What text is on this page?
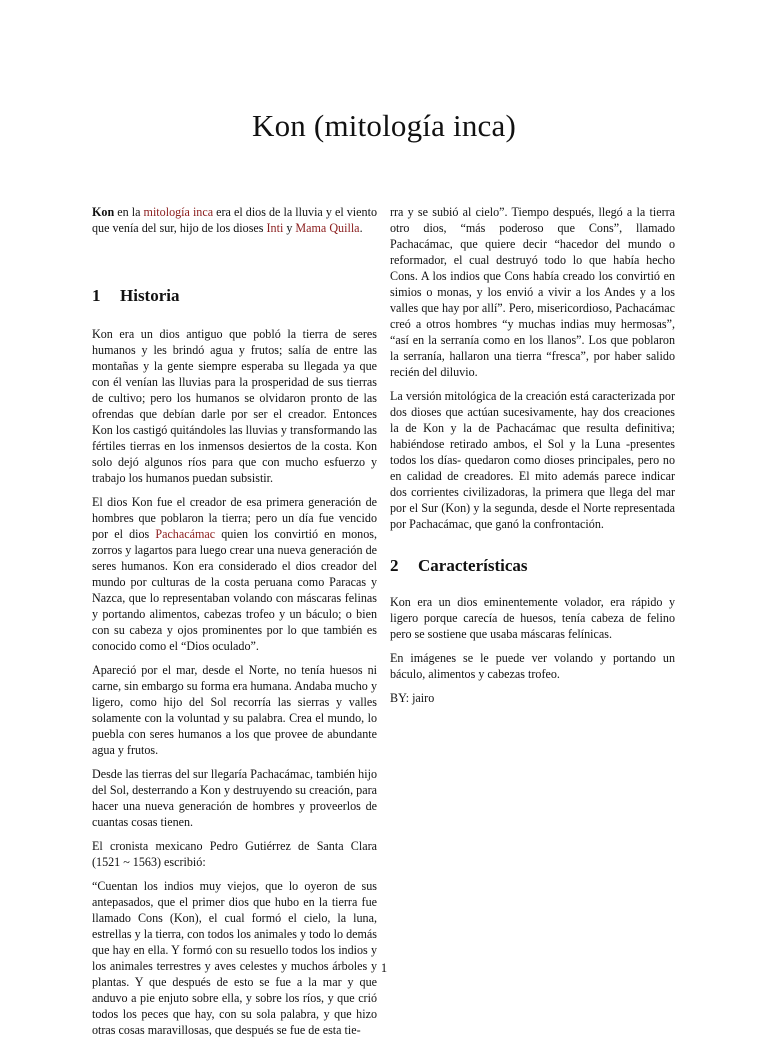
Kon (mitología inca)

Kon en la mitología inca era el dios de la lluvia y el viento que venía del sur, hijo de los dioses Inti y Mama Quilla.

1 Historia

Kon era un dios antiguo que pobló la tierra de seres humanos y les brindó agua y frutos; salía de entre las montañas y la gente siempre esperaba su llegada ya que con él venían las lluvias para la prosperidad de sus tierras de cultivo; pero los humanos se olvidaron pronto de las ofrendas que debían darle por ser el creador. Entonces Kon los castigó quitándoles las lluvias y transformando las fértiles tierras en los inmensos desiertos de la costa. Kon solo dejó algunos ríos para que con mucho esfuerzo y trabajo los humanos puedan subsistir.

El dios Kon fue el creador de esa primera generación de hombres que poblaron la tierra; pero un día fue vencido por el dios Pachacámac quien los convirtió en monos, zorros y lagartos para luego crear una nueva generación de seres humanos. Kon era considerado el dios creador del mundo por culturas de la costa peruana como Paracas y Nazca, que lo representaban volando con máscaras felinas y portando alimentos, cabezas trofeo y un báculo; o bien con su cabeza y ojos prominentes por lo que también es conocido como el “Dios oculado”.

Apareció por el mar, desde el Norte, no tenía huesos ni carne, sin embargo su forma era humana. Andaba mucho y ligero, como hijo del Sol recorría las sierras y valles solamente con la voluntad y su palabra. Crea el mundo, lo puebla con seres humanos a los que provee de abundante agua y frutos.

Desde las tierras del sur llegaría Pachacámac, también hijo del Sol, desterrando a Kon y destruyendo su creación, para hacer una nueva generación de hombres y proveerlos de cuantas cosas tienen.

El cronista mexicano Pedro Gutiérrez de Santa Clara (1521 ~ 1563) escribió:

“Cuentan los indios muy viejos, que lo oyeron de sus antepasados, que el primer dios que hubo en la tierra fue llamado Cons (Kon), el cual formó el cielo, la luna, estrellas y la tierra, con todos los animales y todo lo demás que hay en ella. Y formó con su resuello todos los indios y los animales terrestres y aves celestes y muchos árboles y plantas. Y que después de esto se fue a la mar y que anduvo a pie enjuto sobre ella, y sobre los ríos, y que crió todos los peces que hay, con su sola palabra, y que hizo otras cosas maravillosas, que después se fue de esta tie-

rra y se subió al cielo”. Tiempo después, llegó a la tierra otro dios, “más poderoso que Cons”, llamado Pachacámac, que quiere decir “hacedor del mundo o reformador, el cual destruyó todo lo que había hecho Cons. A los indios que Cons había creado los convirtió en simios o monas, y los envió a vivir a los Andes y a los valles que hay por allí”. Pero, misericordioso, Pachacámac creó a otros hombres “y muchas indias muy hermosas”, “así en la serranía como en los llanos”. Los que poblaron la serranía, hallaron una tierra “fresca”, por haber salido recién del diluvio.

La versión mitológica de la creación está caracterizada por dos dioses que actúan sucesivamente, hay dos creaciones la de Kon y la de Pachacámac que resulta definitiva; habiéndose retirado ambos, el Sol y la Luna -presentes todos los días- quedaron como dioses principales, pero no en calidad de creadores. El mito además parece indicar dos corrientes civilizadoras, la primera que llega del mar por el Sur (Kon) y la segunda, desde el Norte representada por Pachacámac, que ganó la confrontación.

2 Características

Kon era un dios eminentemente volador, era rápido y ligero porque carecía de huesos, tenía cabeza de felino pero se sostiene que usaba máscaras felínicas.

En imágenes se le puede ver volando y portando un báculo, alimentos y cabezas trofeo.

BY: jairo

1
